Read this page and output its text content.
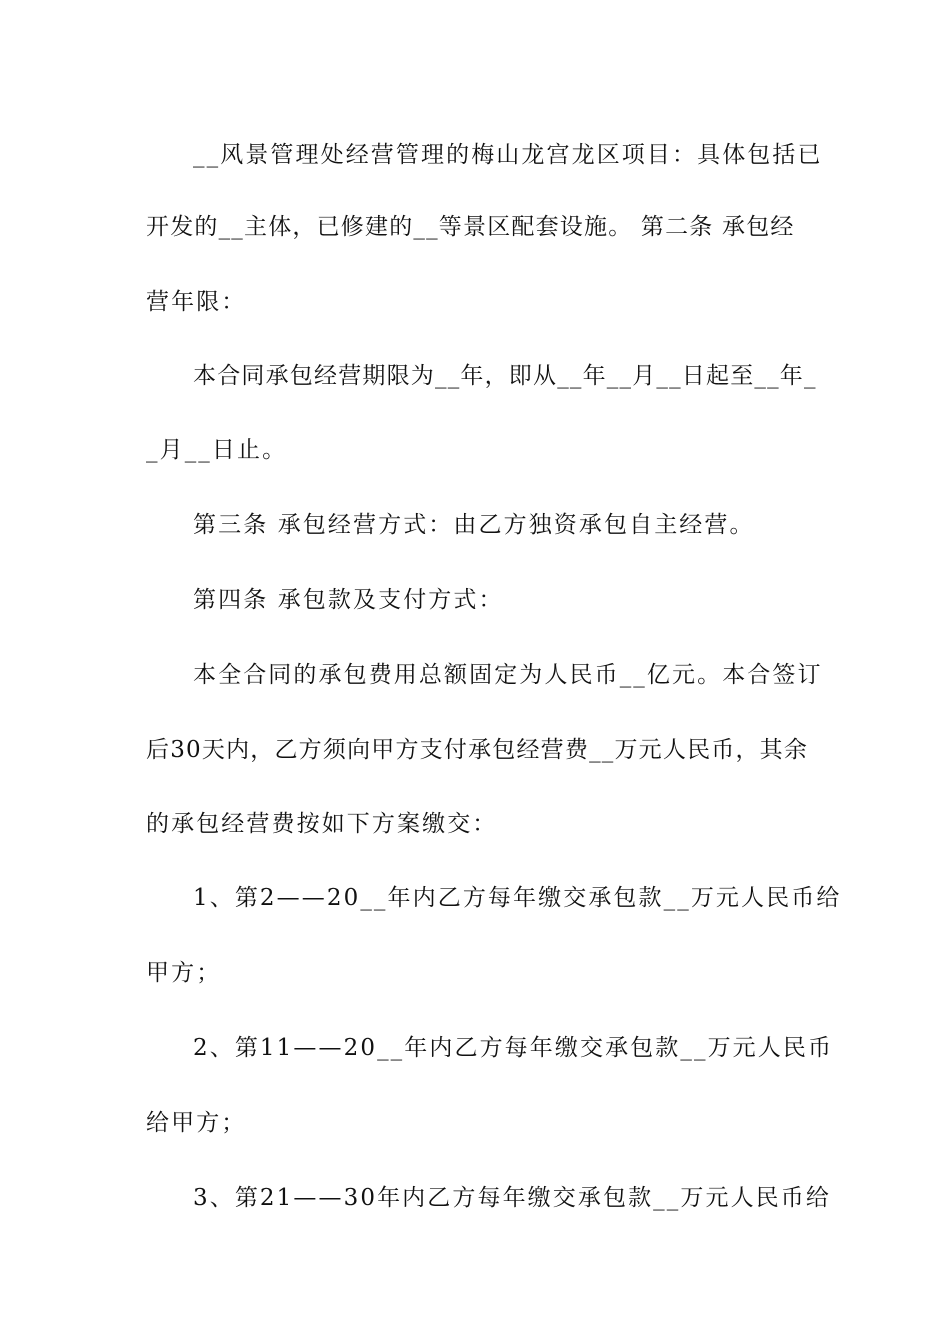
__风景管理处经营管理的梅山龙宫龙区项目：具体包括已
开发的__主体，已修建的__等景区配套设施。 第二条 承包经
营年限：
本合同承包经营期限为__年，即从__年__月__日起至__年_
_月__日止。
第三条 承包经营方式：由乙方独资承包自主经营。
第四条 承包款及支付方式：
本全合同的承包费用总额固定为人民币__亿元。本合签订
后30天内，乙方须向甲方支付承包经营费__万元人民币，其余
的承包经营费按如下方案缴交：
1、第2——20__年内乙方每年缴交承包款__万元人民币给
甲方；
2、第11——20__年内乙方每年缴交承包款__万元人民币
给甲方；
3、第21——30年内乙方每年缴交承包款__万元人民币给
